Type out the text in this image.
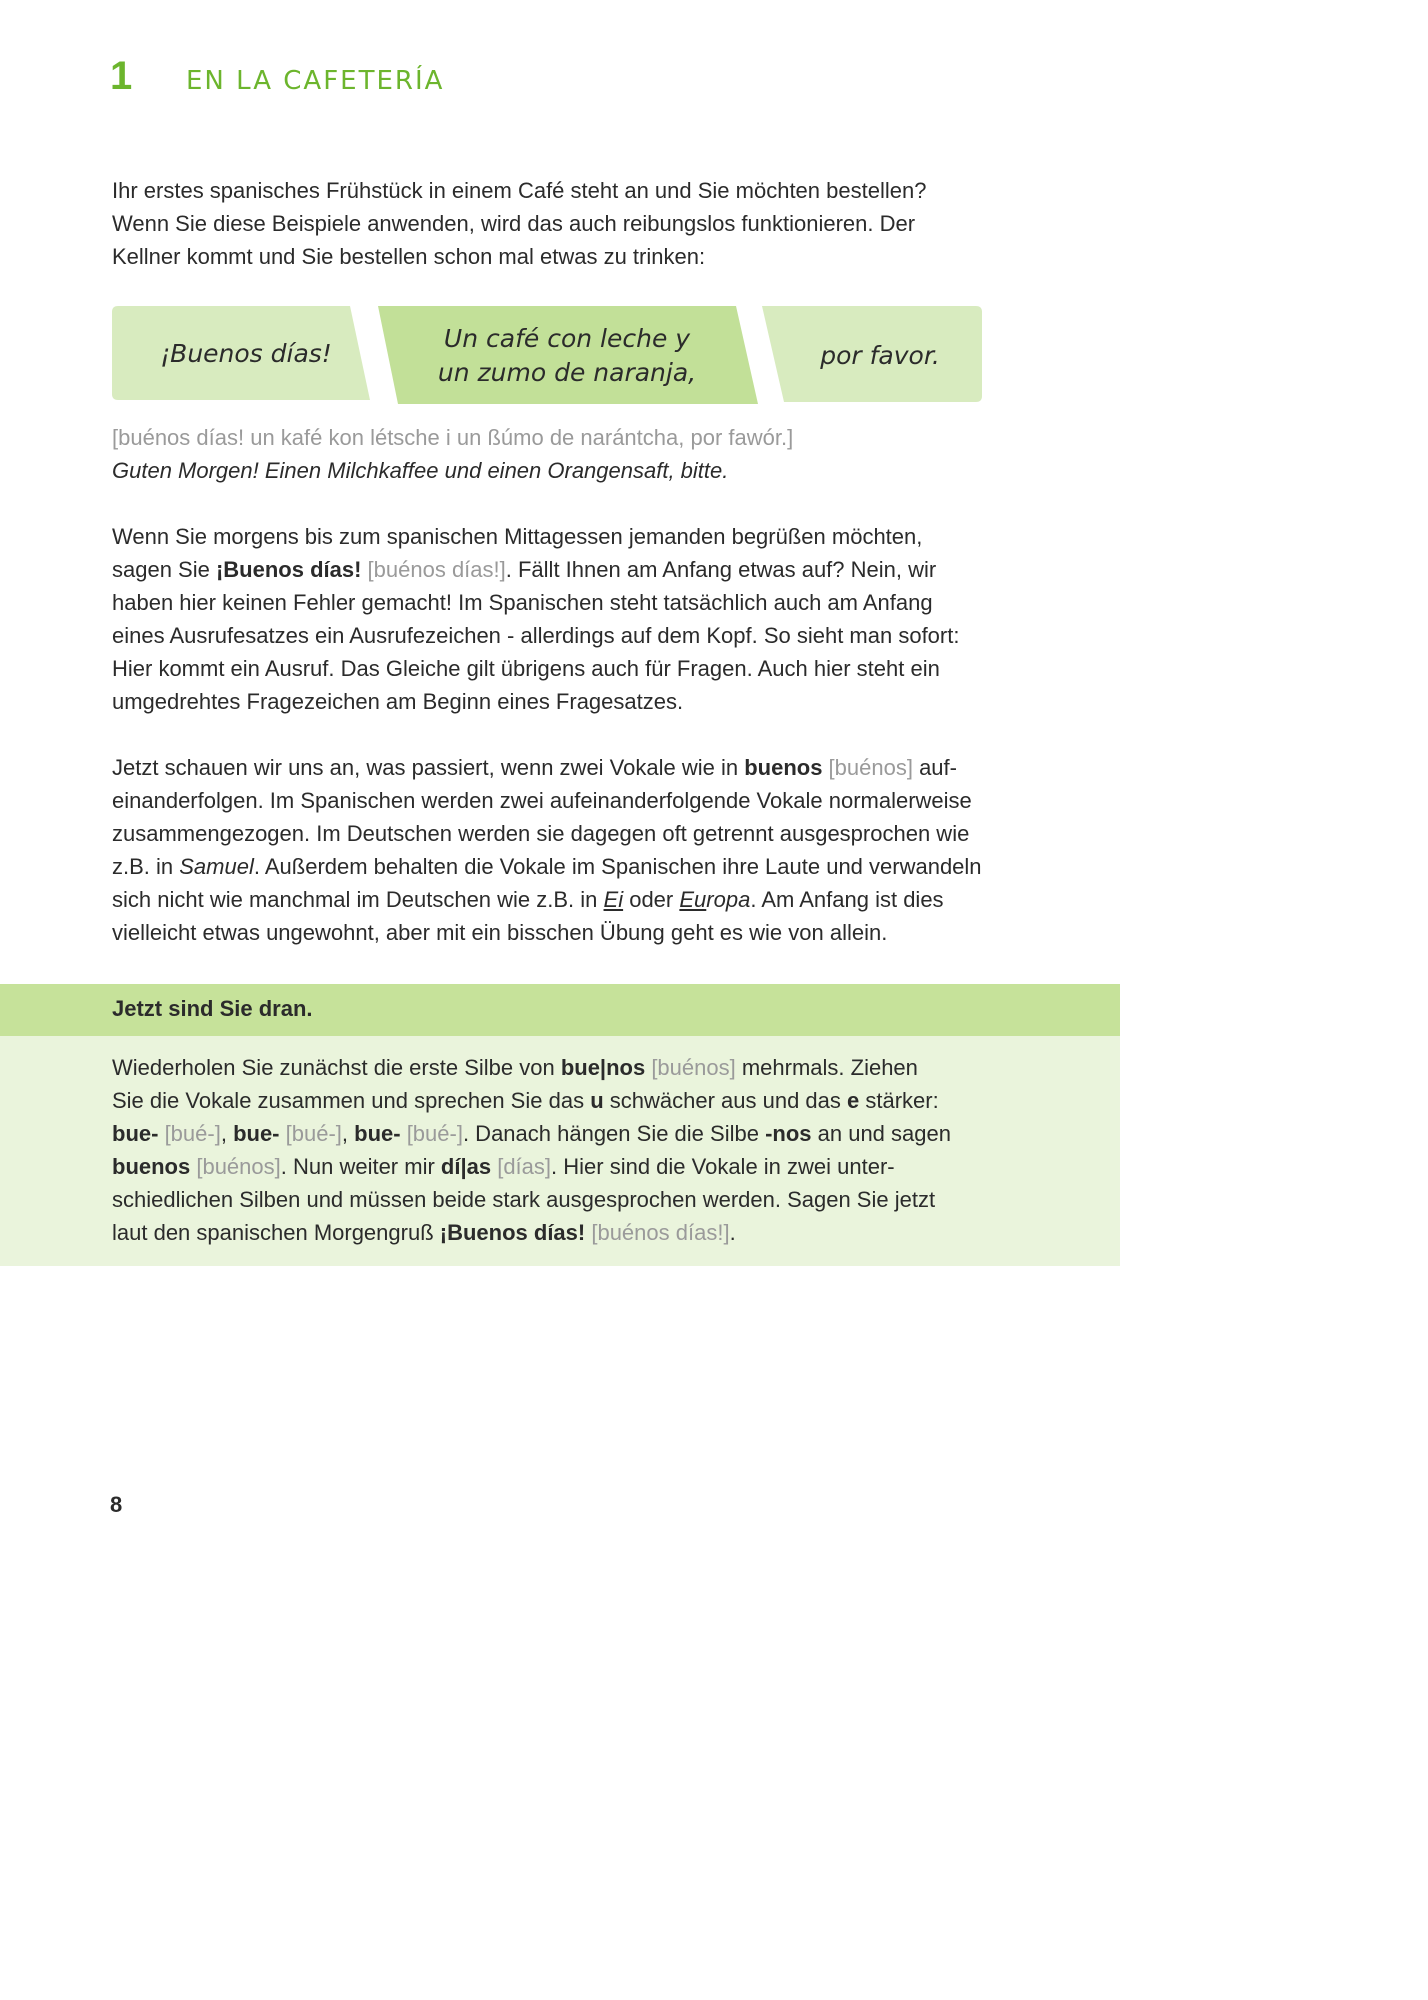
1 EN LA CAFETERÍA

Ihr erstes spanisches Frühstück in einem Café steht an und Sie möchten bestellen?
Wenn Sie diese Beispiele anwenden, wird das auch reibungslos funktionieren. Der
Kellner kommt und Sie bestellen schon mal etwas zu trinken:

¡Buenos días!
Un café con leche y
un zumo de naranja,
por favor.

[buénos días! un kafé kon létsche i un ßúmo de narántcha, por fawór.]
Guten Morgen! Einen Milchkaffee und einen Orangensaft, bitte.

Wenn Sie morgens bis zum spanischen Mittagessen jemanden begrüßen möchten,
sagen Sie ¡Buenos días! [buénos días!]. Fällt Ihnen am Anfang etwas auf? Nein, wir
haben hier keinen Fehler gemacht! Im Spanischen steht tatsächlich auch am Anfang
eines Ausrufesatzes ein Ausrufezeichen - allerdings auf dem Kopf. So sieht man sofort:
Hier kommt ein Ausruf. Das Gleiche gilt übrigens auch für Fragen. Auch hier steht ein
umgedrehtes Fragezeichen am Beginn eines Fragesatzes.

Jetzt schauen wir uns an, was passiert, wenn zwei Vokale wie in buenos [buénos] auf-
einanderfolgen. Im Spanischen werden zwei aufeinanderfolgende Vokale normalerweise
zusammengezogen. Im Deutschen werden sie dagegen oft getrennt ausgesprochen wie
z.B. in Samuel. Außerdem behalten die Vokale im Spanischen ihre Laute und verwandeln
sich nicht wie manchmal im Deutschen wie z.B. in Ei oder Europa. Am Anfang ist dies
vielleicht etwas ungewohnt, aber mit ein bisschen Übung geht es wie von allein.

Jetzt sind Sie dran.

Wiederholen Sie zunächst die erste Silbe von bue|nos [buénos] mehrmals. Ziehen
Sie die Vokale zusammen und sprechen Sie das u schwächer aus und das e stärker:
bue- [bué-], bue- [bué-], bue- [bué-]. Danach hängen Sie die Silbe -nos an und sagen
buenos [buénos]. Nun weiter mir dí|as [días]. Hier sind die Vokale in zwei unter-
schiedlichen Silben und müssen beide stark ausgesprochen werden. Sagen Sie jetzt
laut den spanischen Morgengruß ¡Buenos días! [buénos días!].

8
